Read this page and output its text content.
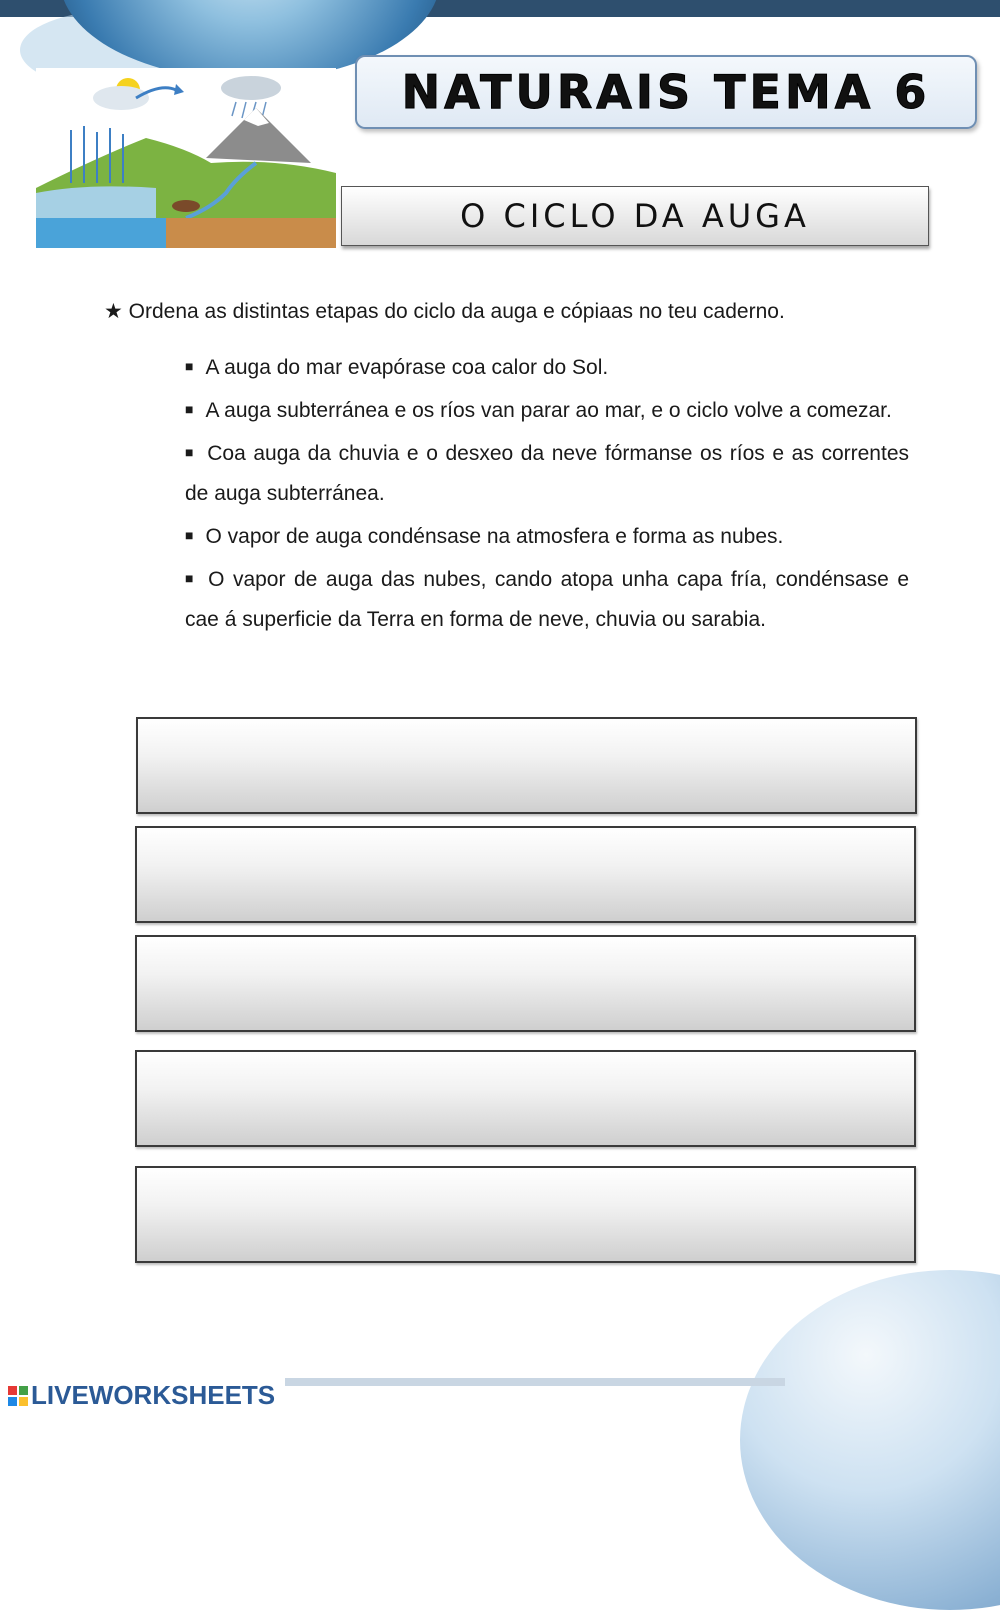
NATURAIS TEMA 6
O CICLO DA AUGA
★ Ordena as distintas etapas do ciclo da auga e cópiaas no teu caderno.
■ A auga do mar evapórase coa calor do Sol.
■ A auga subterránea e os ríos van parar ao mar, e o ciclo volve a comezar.
■ Coa auga da chuvia e o desxeo da neve fórmanse os ríos e as correntes de auga subterránea.
■ O vapor de auga condénsase na atmosfera e forma as nubes.
■ O vapor de auga das nubes, cando atopa unha capa fría, condénsase e cae á superficie da Terra en forma de neve, chuvia ou sarabia.
LIVEWORKSHEETS
